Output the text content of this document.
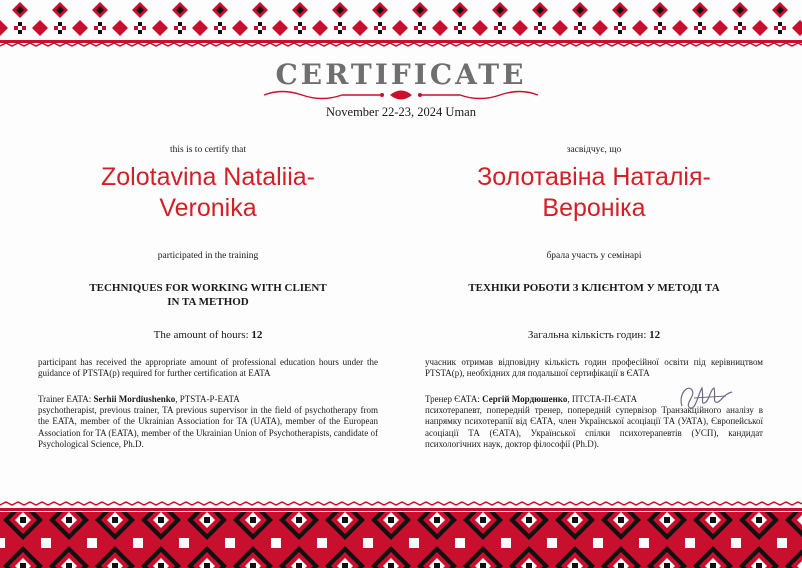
CERTIFICATE
November 22-23, 2024 Uman
this is to certify that
Zolotavina Nataliia-
Veronika
participated in the training
TECHNIQUES FOR WORKING WITH CLIENT
IN TA METHOD
The amount of hours: 12
participant has received the appropriate amount of professional education hours under the guidance of PTSTA(p) required for further certification at EATA
Trainer EATA: Serhii Mordiushenko, PTSTA-P-EATA
psychotherapist, previous trainer, TA previous supervisor in the field of psychotherapy from the EATA, member of the Ukrainian Association for TA (UATA), member of the European Association for TA (EATA), member of the Ukrainian Union of Psychotherapists, candidate of Psychological Science, Ph.D.
засвідчує, що
Золотавіна Наталія-
Вероніка
брала участь у семінарі
ТЕХНІКИ РОБОТИ З КЛІЄНТОМ У МЕТОДІ ТА
Загальна кількість годин: 12
учасник отримав відповідну кількість годин професійної освіти під керівництвом PTSTA(p), необхідних для подальшої сертифікації в ЄАТА
Тренер ЄАТА: Сергій Мордюшенко, ПТСТА-П-ЄАТА
психотерапевт, попередній тренер, попередній супервізор Транзакційного аналізу в напрямку психотерапії від ЄАТА, член Української асоціації ТА (УАТА), Європейської асоціації ТА (ЄАТА), Української спілки психотерапевтів (УСП), кандидат психологічних наук, доктор філософії (Ph.D).
